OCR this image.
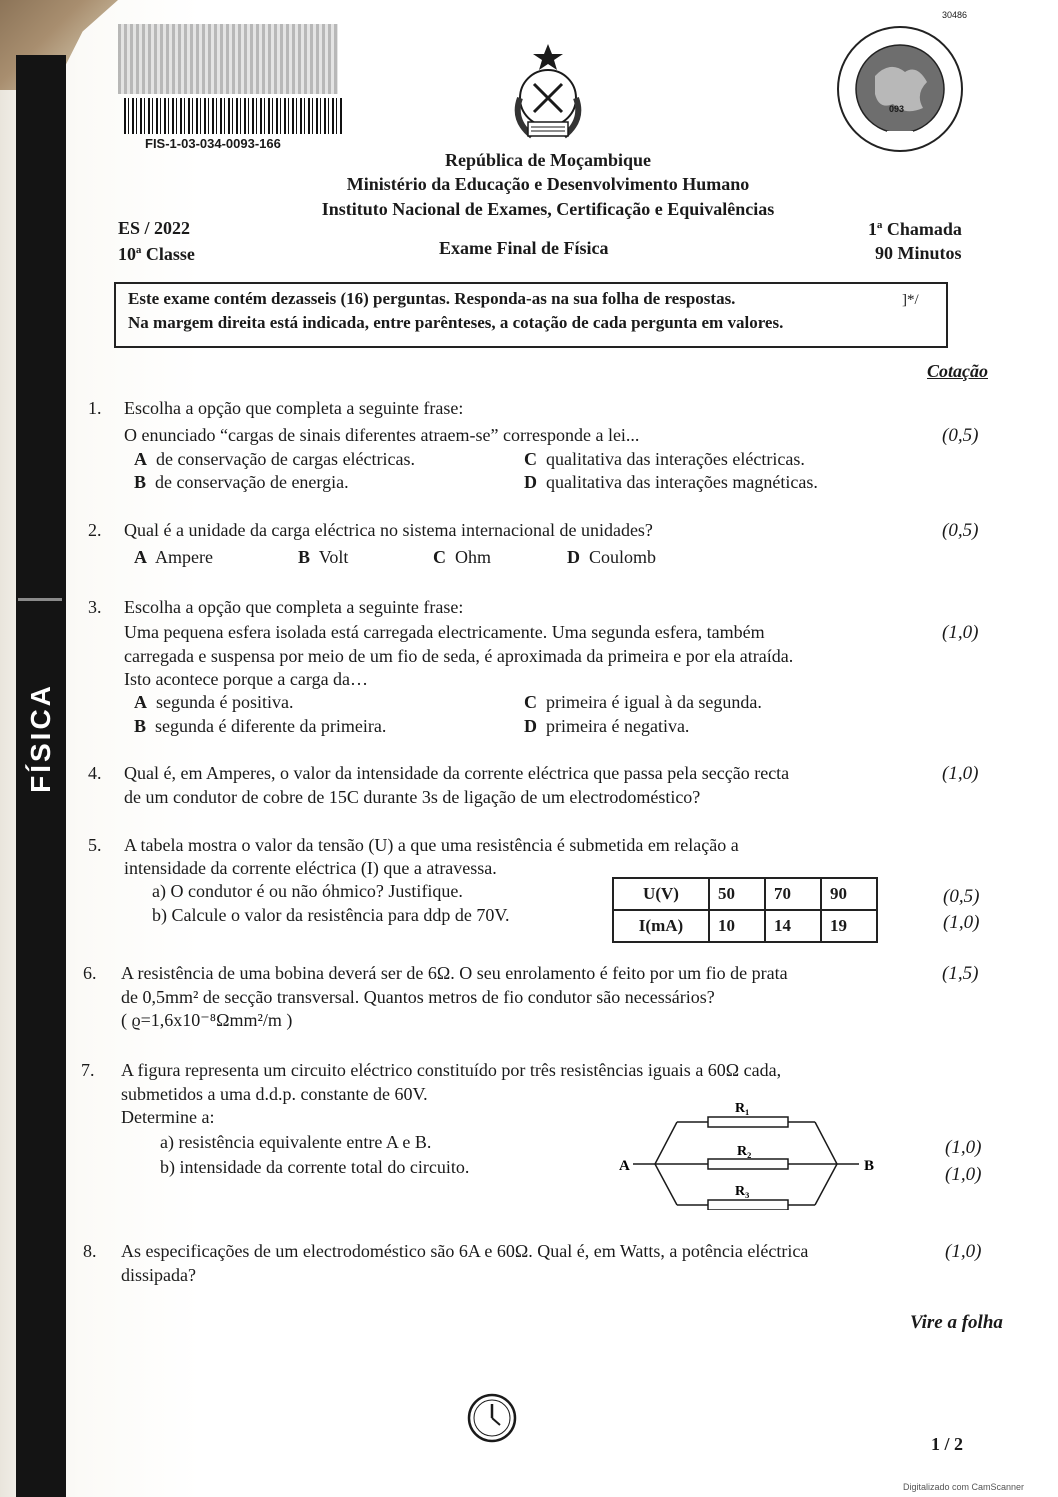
FÍSICA
FIS-1-03-034-0093-166
30486
093
República de Moçambique
Ministério da Educação e Desenvolvimento Humano
Instituto Nacional de Exames, Certificação e Equivalências
ES / 2022
10ª Classe	Exame Final de Física
1ª Chamada
90 Minutos
Este exame contém dezasseis (16) perguntas. Responda-as na sua folha de respostas.	]*/
Na margem direita está indicada, entre parênteses, a cotação de cada pergunta em valores.
Cotação
1. Escolha a opção que completa a seguinte frase:
O enunciado “cargas de sinais diferentes atraem-se” corresponde a lei...	(0,5)
A de conservação de cargas eléctricas.	C qualitativa das interações eléctricas.
B de conservação de energia.	D qualitativa das interações magnéticas.
2. Qual é a unidade da carga eléctrica no sistema internacional de unidades?	(0,5)
A Ampere	B Volt	C Ohm	D Coulomb
3. Escolha a opção que completa a seguinte frase:
Uma pequena esfera isolada está carregada electricamente. Uma segunda esfera, também	(1,0)
carregada e suspensa por meio de um fio de seda, é aproximada da primeira e por ela atraída.
Isto acontece porque a carga da…
A segunda é positiva.	C primeira é igual à da segunda.
B segunda é diferente da primeira.	D primeira é negativa.
4. Qual é, em Amperes, o valor da intensidade da corrente eléctrica que passa pela secção recta	(1,0)
de um condutor de cobre de 15C durante 3s de ligação de um electrodoméstico?
5. A tabela mostra o valor da tensão (U) a que uma resistência é submetida em relação a
intensidade da corrente eléctrica (I) que a atravessa.
a) O condutor é ou não óhmico? Justifique.
b) Calcule o valor da resistência para ddp de 70V.
U(V)	50	70	90
I(mA)	10	14	19
(0,5)
(1,0)
6. A resistência de uma bobina deverá ser de 6Ω. O seu enrolamento é feito por um fio de prata	(1,5)
de 0,5mm² de secção transversal. Quantos metros de fio condutor são necessários?
( ϱ=1,6x10⁻⁸Ωmm²/m )
7. A figura representa um circuito eléctrico constituído por três resistências iguais a 60Ω cada,
submetidos a uma d.d.p. constante de 60V.
Determine a:
a) resistência equivalente entre A e B.
b) intensidade da corrente total do circuito.
(1,0)
(1,0)
A	B
R₁
R₂
R₃
8. As especificações de um electrodoméstico são 6A e 60Ω. Qual é, em Watts, a potência eléctrica	(1,0)
dissipada?
Vire a folha
1 / 2
Digitalizado com CamScanner
